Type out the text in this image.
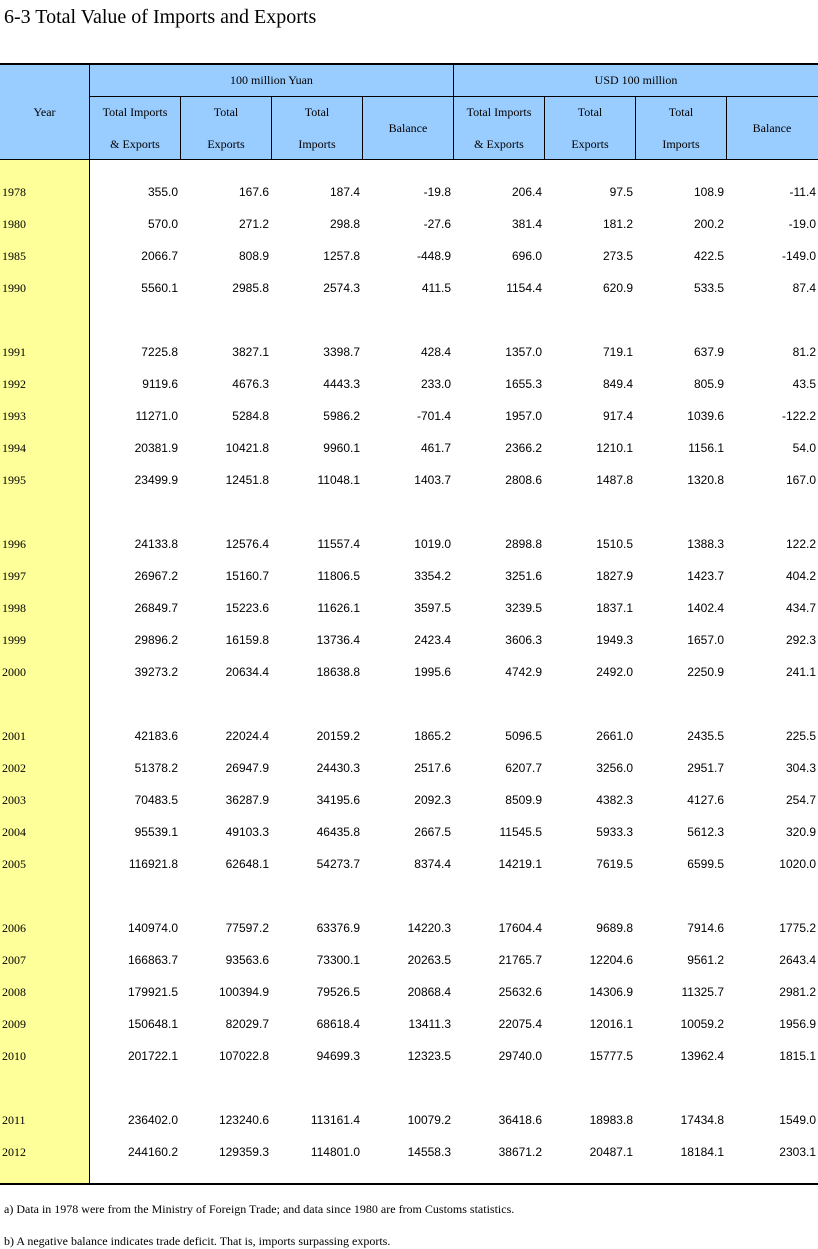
6-3 Total Value of Imports and Exports
Year
100 million Yuan	USD 100 million
Total Imports
& Exports
Total
Exports
Total
Imports
Balance
Total Imports
& Exports
Total
Exports
Total
Imports
Balance
1978	355.0	167.6	187.4	-19.8	206.4	97.5	108.9	-11.4
1980	570.0	271.2	298.8	-27.6	381.4	181.2	200.2	-19.0
1985	2066.7	808.9	1257.8	-448.9	696.0	273.5	422.5	-149.0
1990	5560.1	2985.8	2574.3	411.5	1154.4	620.9	533.5	87.4
1991	7225.8	3827.1	3398.7	428.4	1357.0	719.1	637.9	81.2
1992	9119.6	4676.3	4443.3	233.0	1655.3	849.4	805.9	43.5
1993	11271.0	5284.8	5986.2	-701.4	1957.0	917.4	1039.6	-122.2
1994	20381.9	10421.8	9960.1	461.7	2366.2	1210.1	1156.1	54.0
1995	23499.9	12451.8	11048.1	1403.7	2808.6	1487.8	1320.8	167.0
1996	24133.8	12576.4	11557.4	1019.0	2898.8	1510.5	1388.3	122.2
1997	26967.2	15160.7	11806.5	3354.2	3251.6	1827.9	1423.7	404.2
1998	26849.7	15223.6	11626.1	3597.5	3239.5	1837.1	1402.4	434.7
1999	29896.2	16159.8	13736.4	2423.4	3606.3	1949.3	1657.0	292.3
2000	39273.2	20634.4	18638.8	1995.6	4742.9	2492.0	2250.9	241.1
2001	42183.6	22024.4	20159.2	1865.2	5096.5	2661.0	2435.5	225.5
2002	51378.2	26947.9	24430.3	2517.6	6207.7	3256.0	2951.7	304.3
2003	70483.5	36287.9	34195.6	2092.3	8509.9	4382.3	4127.6	254.7
2004	95539.1	49103.3	46435.8	2667.5	11545.5	5933.3	5612.3	320.9
2005	116921.8	62648.1	54273.7	8374.4	14219.1	7619.5	6599.5	1020.0
2006	140974.0	77597.2	63376.9	14220.3	17604.4	9689.8	7914.6	1775.2
2007	166863.7	93563.6	73300.1	20263.5	21765.7	12204.6	9561.2	2643.4
2008	179921.5	100394.9	79526.5	20868.4	25632.6	14306.9	11325.7	2981.2
2009	150648.1	82029.7	68618.4	13411.3	22075.4	12016.1	10059.2	1956.9
2010	201722.1	107022.8	94699.3	12323.5	29740.0	15777.5	13962.4	1815.1
2011	236402.0	123240.6	113161.4	10079.2	36418.6	18983.8	17434.8	1549.0
2012	244160.2	129359.3	114801.0	14558.3	38671.2	20487.1	18184.1	2303.1
a) Data in 1978 were from the Ministry of Foreign Trade; and data since 1980 are from Customs statistics.
b) A negative balance indicates trade deficit. That is, imports surpassing exports.
